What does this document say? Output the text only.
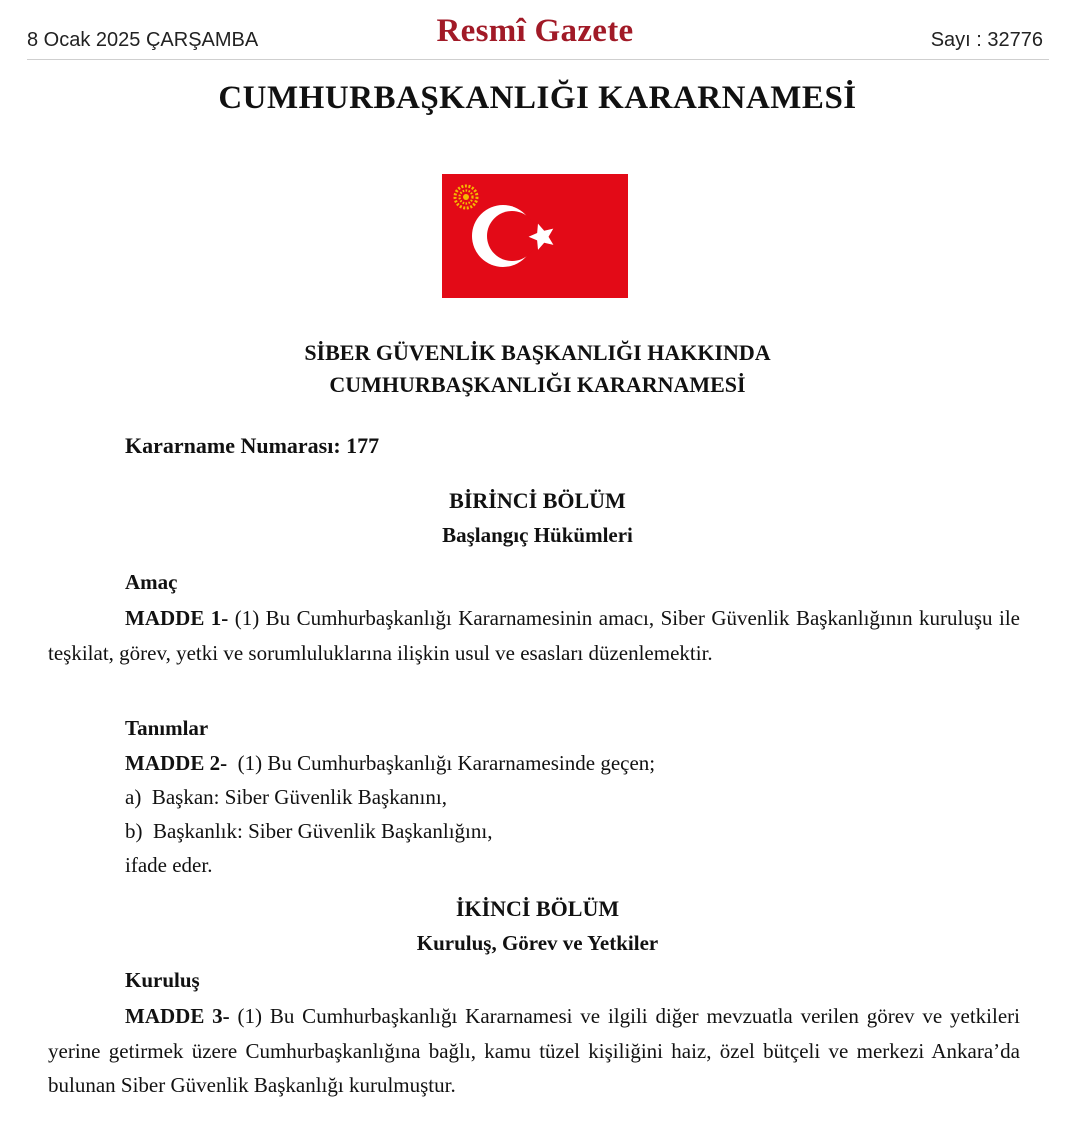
8 Ocak 2025 ÇARŞAMBA	Resmî Gazete	Sayı : 32776
CUMHURBAŞKANLIĞI KARARNAMESİ
SİBER GÜVENLİK BAŞKANLIĞI HAKKINDA
CUMHURBAŞKANLIĞI KARARNAMESİ
Kararname Numarası: 177
BİRİNCİ BÖLÜM
Başlangıç Hükümleri
Amaç
MADDE 1- (1) Bu Cumhurbaşkanlığı Kararnamesinin amacı, Siber Güvenlik Başkanlığının kuruluşu ile teşkilat, görev, yetki ve sorumluluklarına ilişkin usul ve esasları düzenlemektir.
Tanımlar
MADDE 2-  (1) Bu Cumhurbaşkanlığı Kararnamesinde geçen;
a)  Başkan: Siber Güvenlik Başkanını,
b)  Başkanlık: Siber Güvenlik Başkanlığını,
ifade eder.
İKİNCİ BÖLÜM
Kuruluş, Görev ve Yetkiler
Kuruluş
MADDE 3- (1) Bu Cumhurbaşkanlığı Kararnamesi ve ilgili diğer mevzuatla verilen görev ve yetkileri yerine getirmek üzere Cumhurbaşkanlığına bağlı, kamu tüzel kişiliğini haiz, özel bütçeli ve merkezi Ankara’da bulunan Siber Güvenlik Başkanlığı kurulmuştur.
